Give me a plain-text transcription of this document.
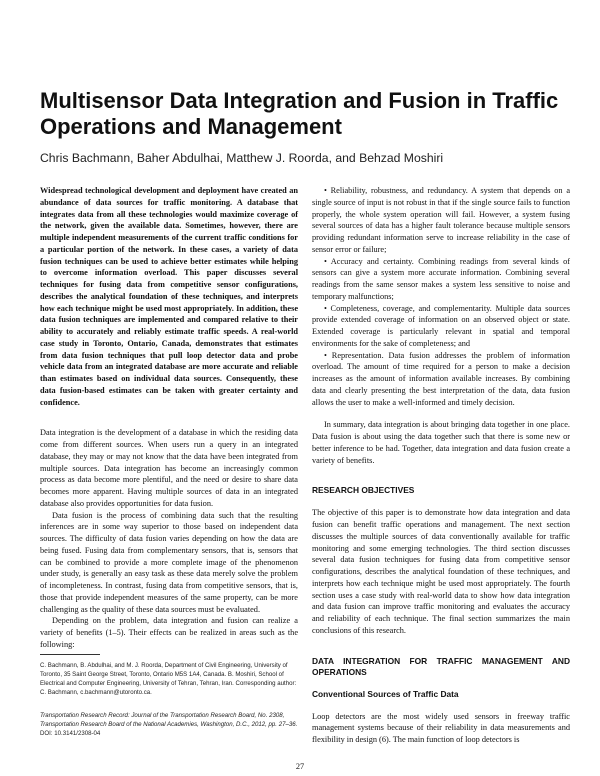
Multisensor Data Integration and Fusion in Traffic Operations and Management

Chris Bachmann, Baher Abdulhai, Matthew J. Roorda, and Behzad Moshiri

Widespread technological development and deployment have created an abundance of data sources for traffic monitoring. A database that integrates data from all these technologies would maximize coverage of the network, given the available data. Sometimes, however, there are multiple independent measurements of the current traffic conditions for a particular portion of the network. In these cases, a variety of data fusion techniques can be used to achieve better estimates while helping to overcome information overload. This paper discusses several techniques for fusing data from competitive sensor configurations, describes the analytical foundation of these techniques, and interprets how each technique might be used most appropriately. In addition, these data fusion techniques are implemented and compared relative to their ability to accurately and reliably estimate traffic speeds. A real-world case study in Toronto, Ontario, Canada, demonstrates that estimates from data fusion techniques that pull loop detector data and probe vehicle data from an integrated database are more accurate and reliable than estimates based on individual data sources. Consequently, these data fusion-based estimates can be taken with greater certainty and confidence.

Data integration is the development of a database in which the residing data come from different sources. When users run a query in an integrated database, they may or may not know that the data have been integrated from multiple sources. Data integration has become an increasingly common process as data become more plentiful, and the need or desire to share data becomes more apparent. Having multiple sources of data in an integrated database also provides opportunities for data fusion.

Data fusion is the process of combining data such that the resulting inferences are in some way superior to those based on independent data sources. The difficulty of data fusion varies depending on how the data are being fused. Fusing data from complementary sensors, that is, sensors that can be combined to provide a more complete image of the phenomenon under study, is generally an easy task as these data merely solve the problem of incompleteness. In contrast, fusing data from competitive sensors, that is, those that provide independent measures of the same property, can be more challenging as the quality of these data sources must be evaluated.

Depending on the problem, data integration and fusion can realize a variety of benefits (1–5). Their effects can be realized in areas such as the following:

C. Bachmann, B. Abdulhai, and M. J. Roorda, Department of Civil Engineering, University of Toronto, 35 Saint George Street, Toronto, Ontario M5S 1A4, Canada. B. Moshiri, School of Electrical and Computer Engineering, University of Tehran, Tehran, Iran. Corresponding author: C. Bachmann, c.bachmann@utoronto.ca.

Transportation Research Record: Journal of the Transportation Research Board, No. 2308, Transportation Research Board of the National Academies, Washington, D.C., 2012, pp. 27–36.
DOI: 10.3141/2308-04

• Reliability, robustness, and redundancy. A system that depends on a single source of input is not robust in that if the single source fails to function properly, the whole system operation will fail. However, a system fusing several sources of data has a higher fault tolerance because multiple sensors providing redundant information serve to increase reliability in the case of sensor error or failure;

• Accuracy and certainty. Combining readings from several kinds of sensors can give a system more accurate information. Combining several readings from the same sensor makes a system less sensitive to noise and temporary malfunctions;

• Completeness, coverage, and complementarity. Multiple data sources provide extended coverage of information on an observed object or state. Extended coverage is particularly relevant in spatial and temporal environments for the sake of completeness; and

• Representation. Data fusion addresses the problem of information overload. The amount of time required for a person to make a decision increases as the amount of information available increases. By combining data and clearly presenting the best interpretation of the data, data fusion allows the user to make a well-informed and timely decision.

In summary, data integration is about bringing data together in one place. Data fusion is about using the data together such that there is some new or better inference to be had. Together, data integration and data fusion create a variety of benefits.

RESEARCH OBJECTIVES

The objective of this paper is to demonstrate how data integration and data fusion can benefit traffic operations and management. The next section discusses the multiple sources of data conventionally available for traffic monitoring and some emerging technologies. The third section discusses several data fusion techniques for fusing data from competitive sensor configurations, describes the analytical foundation of these techniques, and interprets how each technique might be used most appropriately. The fourth section uses a case study with real-world data to show how data integration and data fusion can improve traffic monitoring and evaluates the accuracy and reliability of each technique. The final section summarizes the main conclusions of this research.

DATA INTEGRATION FOR TRAFFIC MANAGEMENT AND OPERATIONS

Conventional Sources of Traffic Data

Loop detectors are the most widely used sensors in freeway traffic management systems because of their reliability in data measurements and flexibility in design (6). The main function of loop detectors is

27
